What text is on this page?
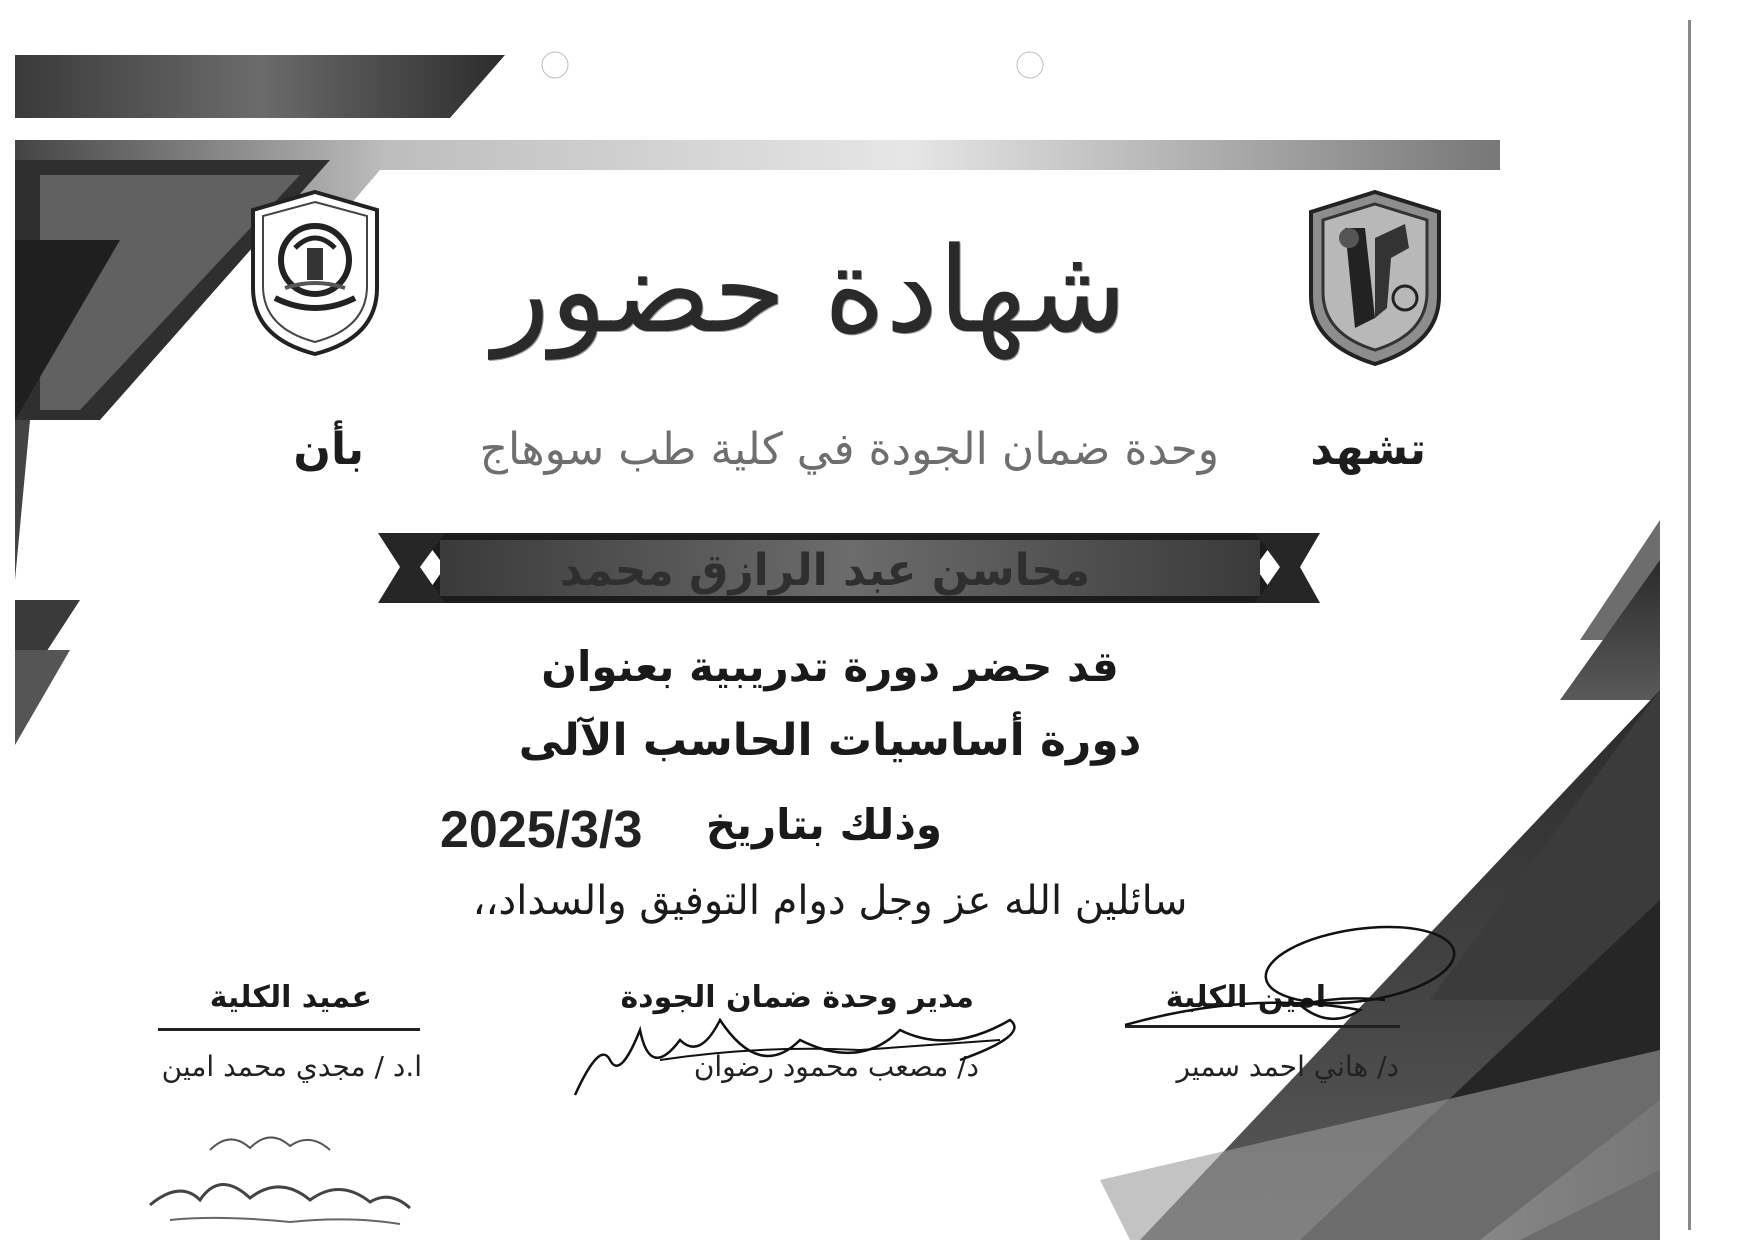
شهادة حضور
تشهد
وحدة ضمان الجودة في كلية طب سوهاج
بأن
محاسن عبد الرازق محمد
قد حضر دورة تدريبية بعنوان
دورة أساسيات الحاسب الآلى
وذلك بتاريخ
2025/3/3
سائلين الله عز وجل دوام التوفيق والسداد،،
امين الكلية
د/ هاني احمد سمير
مدير وحدة ضمان الجودة
د/ مصعب محمود رضوان
عميد الكلية
ا.د / مجدي محمد امين
